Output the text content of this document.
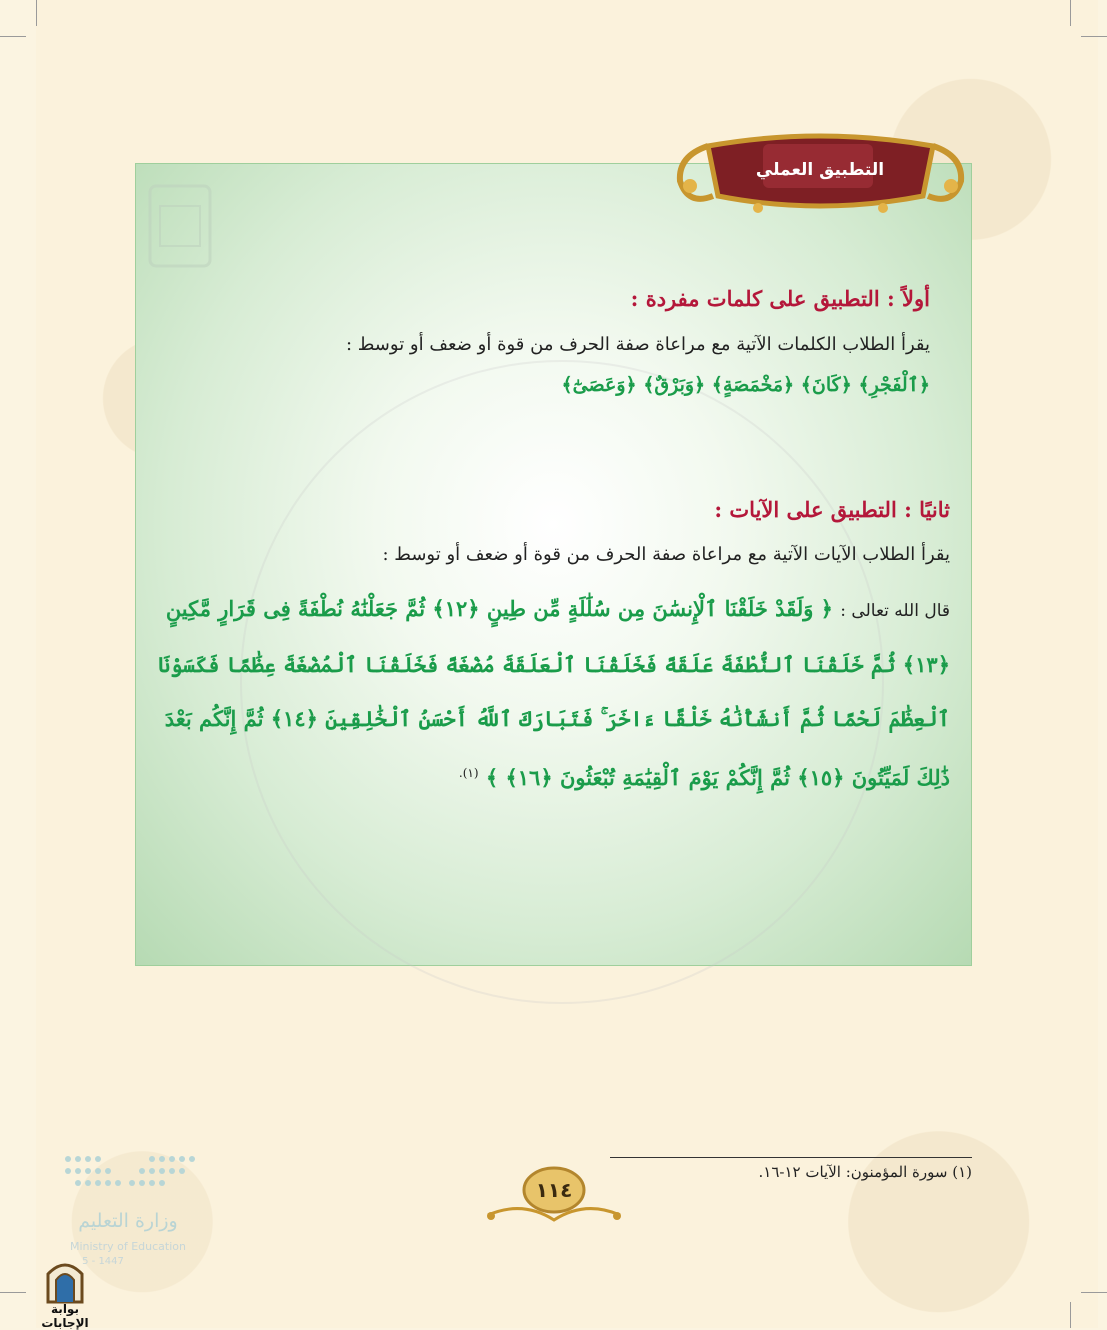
التطبيق العملي
أولاً : التطبيق على كلمات مفردة :
يقرأ الطلاب الكلمات الآتية مع مراعاة صفة الحرف من قوة أو ضعف أو توسط :
﴿ٱلْفَجْرِ﴾ ﴿كَانَ﴾ ﴿مَخْمَصَةٍ﴾ ﴿وَبَرْقٌ﴾ ﴿وَعَصَىٰٓ﴾
ثانيًا : التطبيق على الآيات :
يقرأ الطلاب الآيات الآتية مع مراعاة صفة الحرف من قوة أو ضعف أو توسط :
قال الله تعالى : ﴿ وَلَقَدْ خَلَقْنَا ٱلْإِنسَٰنَ مِن سُلَٰلَةٍ مِّن طِينٍ ﴿١٢﴾ ثُمَّ جَعَلْنَٰهُ نُطْفَةً فِى قَرَارٍ مَّكِينٍ ﴿١٣﴾ ثُمَّ خَلَقْنَا ٱلنُّطْفَةَ عَلَقَةً فَخَلَقْنَا ٱلْعَلَقَةَ مُضْغَةً فَخَلَقْنَا ٱلْمُضْغَةَ عِظَٰمًا فَكَسَوْنَا ٱلْعِظَٰمَ لَحْمًا ثُمَّ أَنشَأْنَٰهُ خَلْقًا ءَاخَرَ ۚ فَتَبَارَكَ ٱللَّهُ أَحْسَنُ ٱلْخَٰلِقِينَ ﴿١٤﴾ ثُمَّ إِنَّكُم بَعْدَ ذَٰلِكَ لَمَيِّتُونَ ﴿١٥﴾ ثُمَّ إِنَّكُمْ يَوْمَ ٱلْقِيَٰمَةِ تُبْعَثُونَ ﴿١٦﴾ ﴾ $^{(١).}$
(١) سورة المؤمنون: الآيات ١٢-١٦.
١١٤
وزارة التعليم
Ministry of Education
5 - 1447
بوابة الإجابات
